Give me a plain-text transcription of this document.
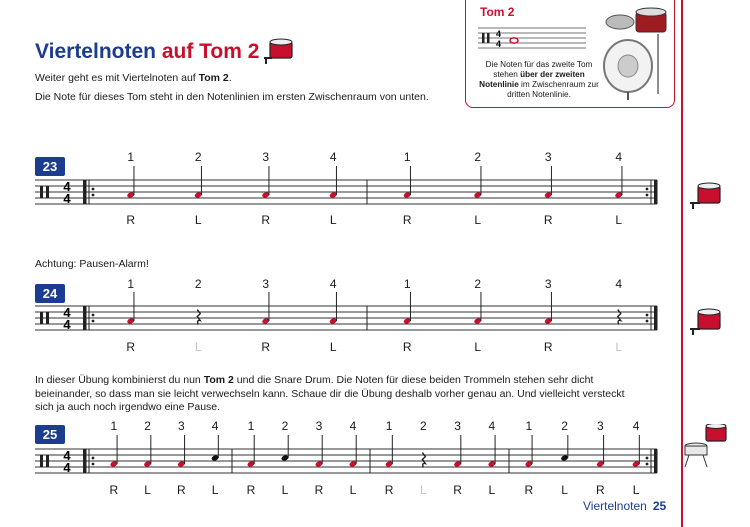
Viertelnoten auf Tom 2
Weiter geht es mit Viertelnoten auf Tom 2.
Die Note für dieses Tom steht in den Notenlinien im ersten Zwischenraum von unten.
Tom 2
4
4
Die Noten für das zweite Tom stehen über der zweiten Notenlinie im Zwischenraum zur dritten Notenlinie.
23
1	2	3	4	1	2	3	4
4
4
R	L	R	L	R	L	R	L
Achtung: Pausen-Alarm!
24
1	2	3	4	1	2	3	4
4
4
R	L	R	L	R	L	R	L
In dieser Übung kombinierst du nun Tom 2 und die Snare Drum. Die Noten für diese beiden Trommeln stehen sehr dicht beieinander, so dass man sie leicht verwechseln kann. Schaue dir die Übung deshalb vorher genau an. Und vielleicht versteckt sich ja auch noch irgendwo eine Pause.
25
1	2	3	4	1	2	3	4	1	2	3	4	1	2	3	4
4
4
R	L	R	L	R	L	R	L	R	L	R	L	R	L	R	L
Viertelnoten 25
